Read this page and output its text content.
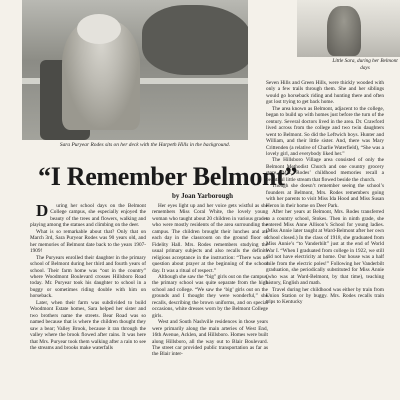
Sara Puryear Rodes sits on her deck with the Harpeth Hills in the background.
Little Sara, during her Belmont days
“I Remember Belmont”
by Joan Yarborough

D uring her school days on the Belmont College campus, she especially enjoyed the beauty of the trees and flowers, walking and playing among the statues and climbing on the deer.

What is so remarkable about that? Only that on March 3rd, Sara Puryear Rodes was 90 years old, and her memories of Belmont date back to the years 1907-1909!

The Puryears enrolled their daughter in the primary school of Belmont during her third and fourth years of school. Their farm home was “out in the country” where Woodmont Boulevard crosses Hillsboro Road today. Mr. Puryear took his daughter to school in a buggy or sometimes riding double with him on horseback.

Later, when their farm was subdivided to build Woodmont Estate homes, Sara helped her sister and two brothers name the streets. Bear Road was so named because that is where the children thought they saw a bear; Valley Brook, because it ran through the valley where the brook flowed after rains. It was here that Mrs. Puryear took them walking after a rain to see the streams and brooks make waterfalls

Her eyes light up and her voice gets wistful as she remembers Miss Coral White, the lovely young woman who taught about 20 children in various grades who were mostly residents of the area surrounding the campus. The children brought their lunches and ate each day in the classroom on the ground floor of Fidelity Hall. Mrs. Rodes remembers studying the usual primary subjects and also recalls the definite religious acceptance in the instruction: “There was no question about prayer at the beginning of the school day. It was a ritual of respect.”

Although she saw the “big” girls out on the campus, the primary school was quite separate from the high school and college. “We saw the ‘big’ girls out on the grounds and I thought they were wonderful,” she recalls, describing the brown uniforms, and on special occasions, white dresses worn by the Belmont College girls.

West and South Nashville residences in those years were primarily along the main arteries of West End, 16th Avenue, Acklen, and Hillsboro. Homes were built along Hillsboro, all the way out to Blair Boulevard. The street car provided public transportation as far as the Blair inter-

Seven Hills and Green Hills, were thickly wooded with only a few trails through them. She and her siblings would go horseback riding and hunting there and often got lost trying to get back home.

The area known as Belmont, adjacent to the college, began to build up with homes just before the turn of the century. Several doctors lived in the area. Dr. Crawford lived across from the college and two twin daughters went to Belmont. So did the Leftwich boys. Hunter and William, and their little sister. And, there was Mary Crittenden (a relative of Charlie Waterfield), “She was a lovely girl, and everybody liked her.”

The Hillsboro Village area consisted of only the Belmont Methodist Church and one country grocery store. Mrs. Rodes’ childhood memories recall a beautiful little stream that flowed beside the church.

Though she doesn’t remember seeing the school’s founders at Belmont, Mrs. Rodes remembers going with her parents to visit Miss Ida Hood and Miss Susan Heron in their home on Deer Park.

After her years at Belmont, Mrs. Rodes transferred to a country school, Stokes. Then in ninth grade, she entered Miss Anne Allison’s School for young ladies. (Miss Annie later taught at Ward-Belmont after her own school closed.) In the class of 1918, she graduated from Miss Annie’s “to Vanderbilt” just at the end of World War I. “When I graduated from college in 1922, we still did not have electricity at home. Our house was a half mile from the electric poles!” Following her Vanderbilt graduation, she periodically substituted for Miss Annie (who was at Ward-Belmont, by that time), teaching history, English and math.

Travel during her childhood was either by train from Union Station or by buggy. Mrs. Rodes recalls train trips to Kentucky
